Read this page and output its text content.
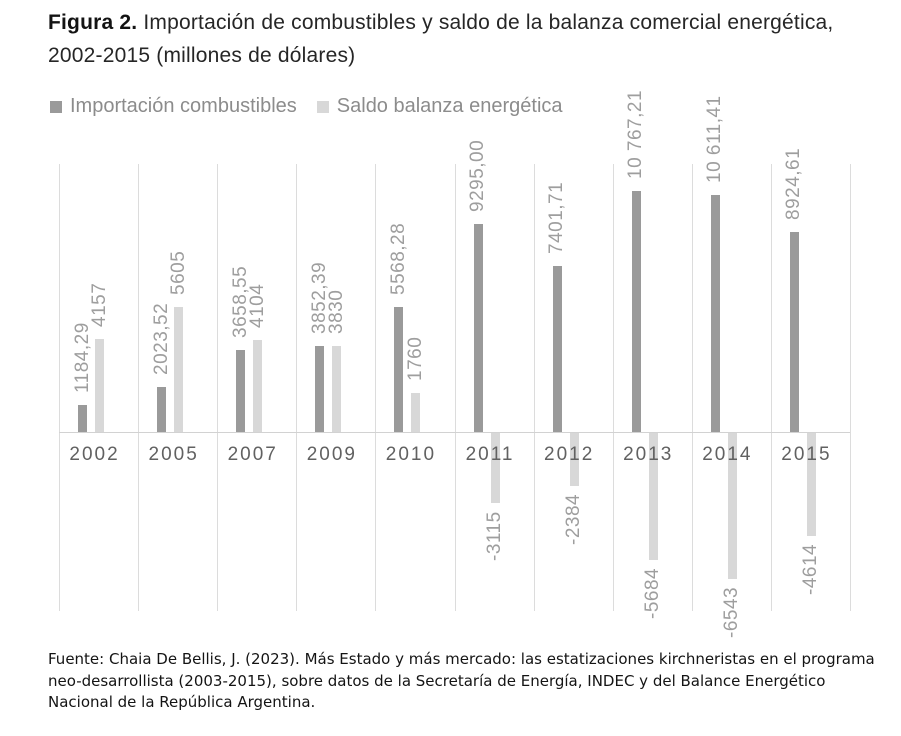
Figura 2. Importación de combustibles y saldo de la balanza comercial energética,
2002-2015 (millones de dólares)
Importación combustibles Saldo balanza energética
2002	2005	2007	2009	2010	2011	2012	2013	2014	2015
1184,29	2023,52
3658,55	3852,39
5568,28
9295,00
7401,71
10 767,21	10 611,41
8924,61
4157
5605
4104	3830
1760
-3115	-2384
-5684	-6543
-4614
Fuente: Chaia De Bellis, J. (2023). Más Estado y más mercado: las estatizaciones kirchneristas en el programa neo-desarrollista (2003-2015), sobre datos de la Secretaría de Energía, INDEC y del Balance Energético Nacional de la República Argentina.
